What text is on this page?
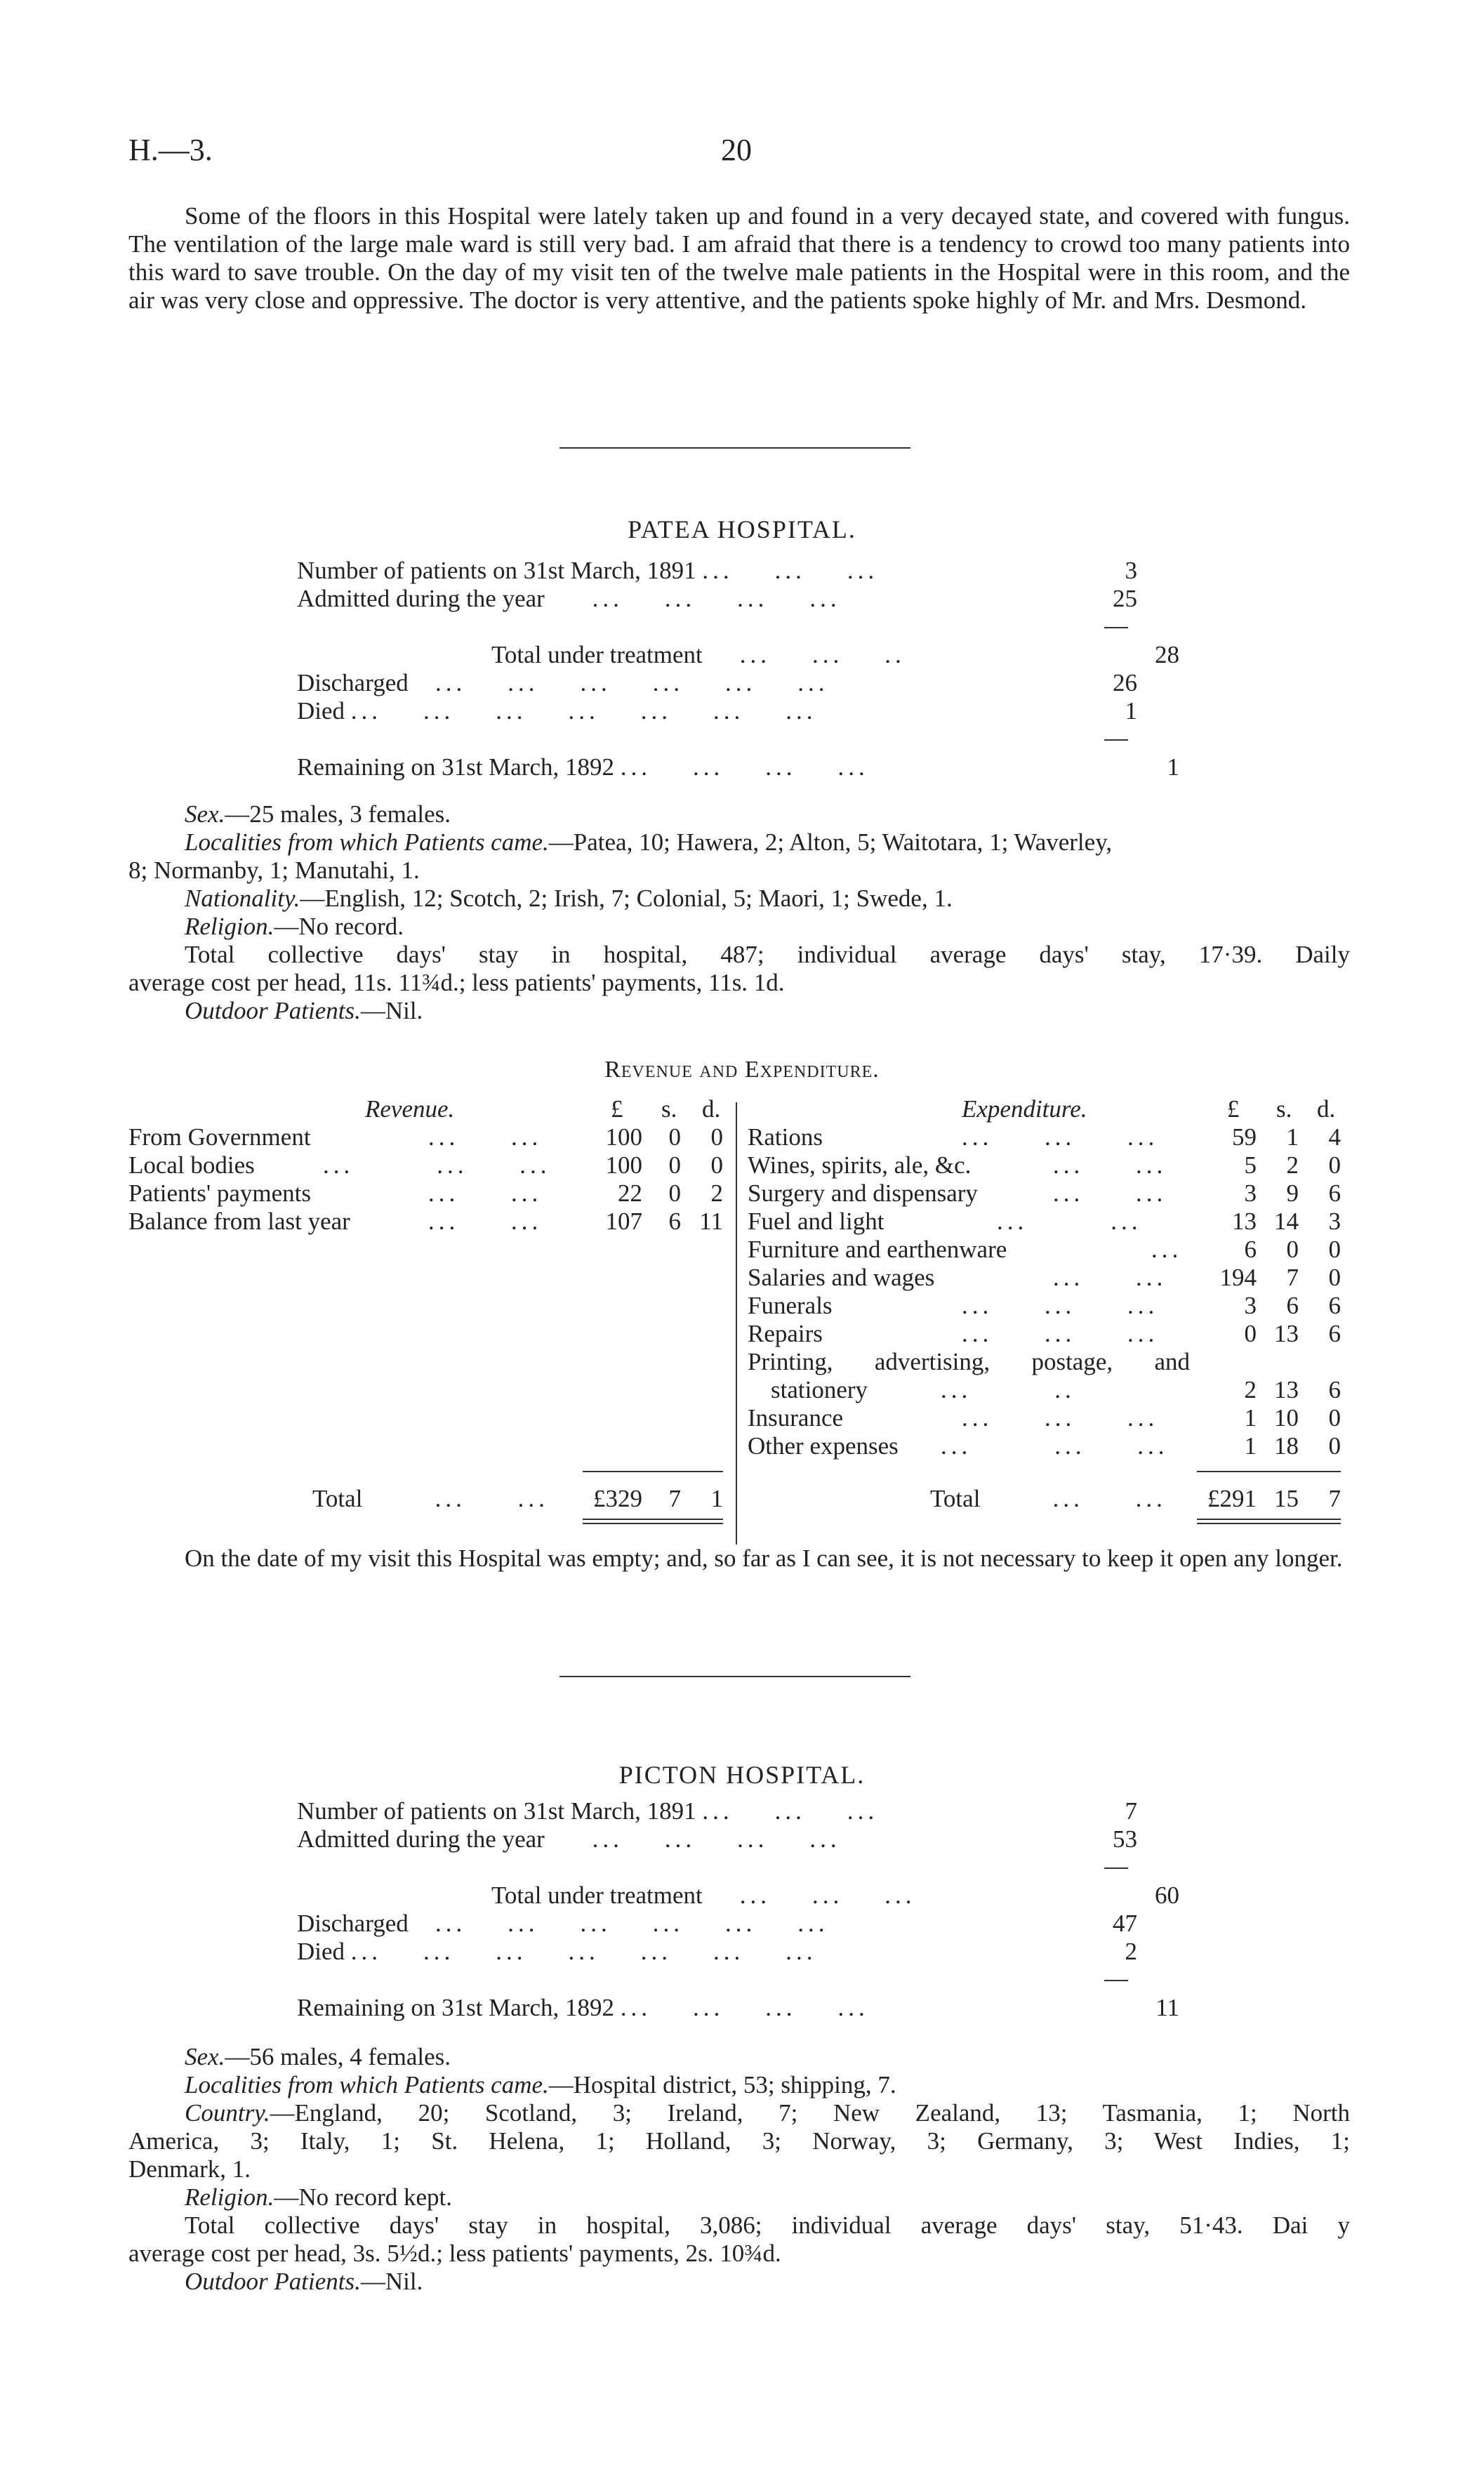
H.—3.	20
Some of the floors in this Hospital were lately taken up and found in a very decayed state, and covered with fungus. The ventilation of the large male ward is still very bad. I am afraid that there is a tendency to crowd too many patients into this ward to save trouble. On the day of my visit ten of the twelve male patients in the Hospital were in this room, and the air was very close and oppressive. The doctor is very attentive, and the patients spoke highly of Mr. and Mrs. Desmond.
PATEA HOSPITAL.
Number of patients on 31st March, 1891 ...    ...    ...	3
Admitted during the year     ...    ...    ...    ...	25
Total under treatment    ...    ...    ..	28
Discharged   ...    ...    ...    ...    ...    ...	26
Died ...    ...    ...    ...    ...    ...    ...	1
Remaining on 31st March, 1892 ...    ...    ...    ...	1
Sex.—25 males, 3 females.
Localities from which Patients came.—Patea, 10; Hawera, 2; Alton, 5; Waitotara, 1; Waverley,
8; Normanby, 1; Manutahi, 1.
Nationality.—English, 12; Scotch, 2; Irish, 7; Colonial, 5; Maori, 1; Swede, 1.
Religion.—No record.
Total collective days' stay in hospital, 487; individual average days' stay, 17·39. Daily
average cost per head, 11s. 11¾d.; less patients' payments, 11s. 1d.
Outdoor Patients.—Nil.
Revenue and Expenditure.
Revenue.	£ s. d.	Expenditure.	£ s. d.
From Government	...     ...	100	0	0
Local bodies	...        ...     ...	100	0	0
Patients' payments	...     ...	22	0	2
Balance from last year	...     ...	107	6 11
Rations	...     ...     ...	59	1	4
Wines, spirits, ale, &c.	...     ...	5	2	0
Surgery and dispensary	...     ...	3	9	6
Fuel and light	...        ...	13 14	3
Furniture and earthenware	...	6	0	0
Salaries and wages	...     ...	194	7	0
Funerals	...     ...     ...	3	6	6
Repairs	...     ...     ...	0 13	6
Printing, advertising, postage, and
stationery	...        ..	2 13	6
Insurance	...     ...     ...	1 10	0
Other expenses ...        ...     ...	1 18	0
Total       ...     ...	£329	7	1	Total       ...     ...	£291 15	7
On the date of my visit this Hospital was empty; and, so far as I can see, it is not necessary to keep it open any longer.
PICTON HOSPITAL.
Number of patients on 31st March, 1891 ...    ...    ...	7
Admitted during the year     ...    ...    ...    ...	53
Total under treatment    ...    ...    ...	60
Discharged   ...    ...    ...    ...    ...    ...	47
Died ...    ...    ...    ...    ...    ...    ...	2
Remaining on 31st March, 1892 ...    ...    ...    ...	11
Sex.—56 males, 4 females.
Localities from which Patients came.—Hospital district, 53; shipping, 7.
Country.—England, 20; Scotland, 3; Ireland, 7; New Zealand, 13; Tasmania, 1; North
America, 3; Italy, 1; St. Helena, 1; Holland, 3; Norway, 3; Germany, 3; West Indies, 1;
Denmark, 1.
Religion.—No record kept.
Total collective days' stay in hospital, 3,086; individual average days' stay, 51·43. Dai y
average cost per head, 3s. 5½d.; less patients' payments, 2s. 10¾d.
Outdoor Patients.—Nil.
